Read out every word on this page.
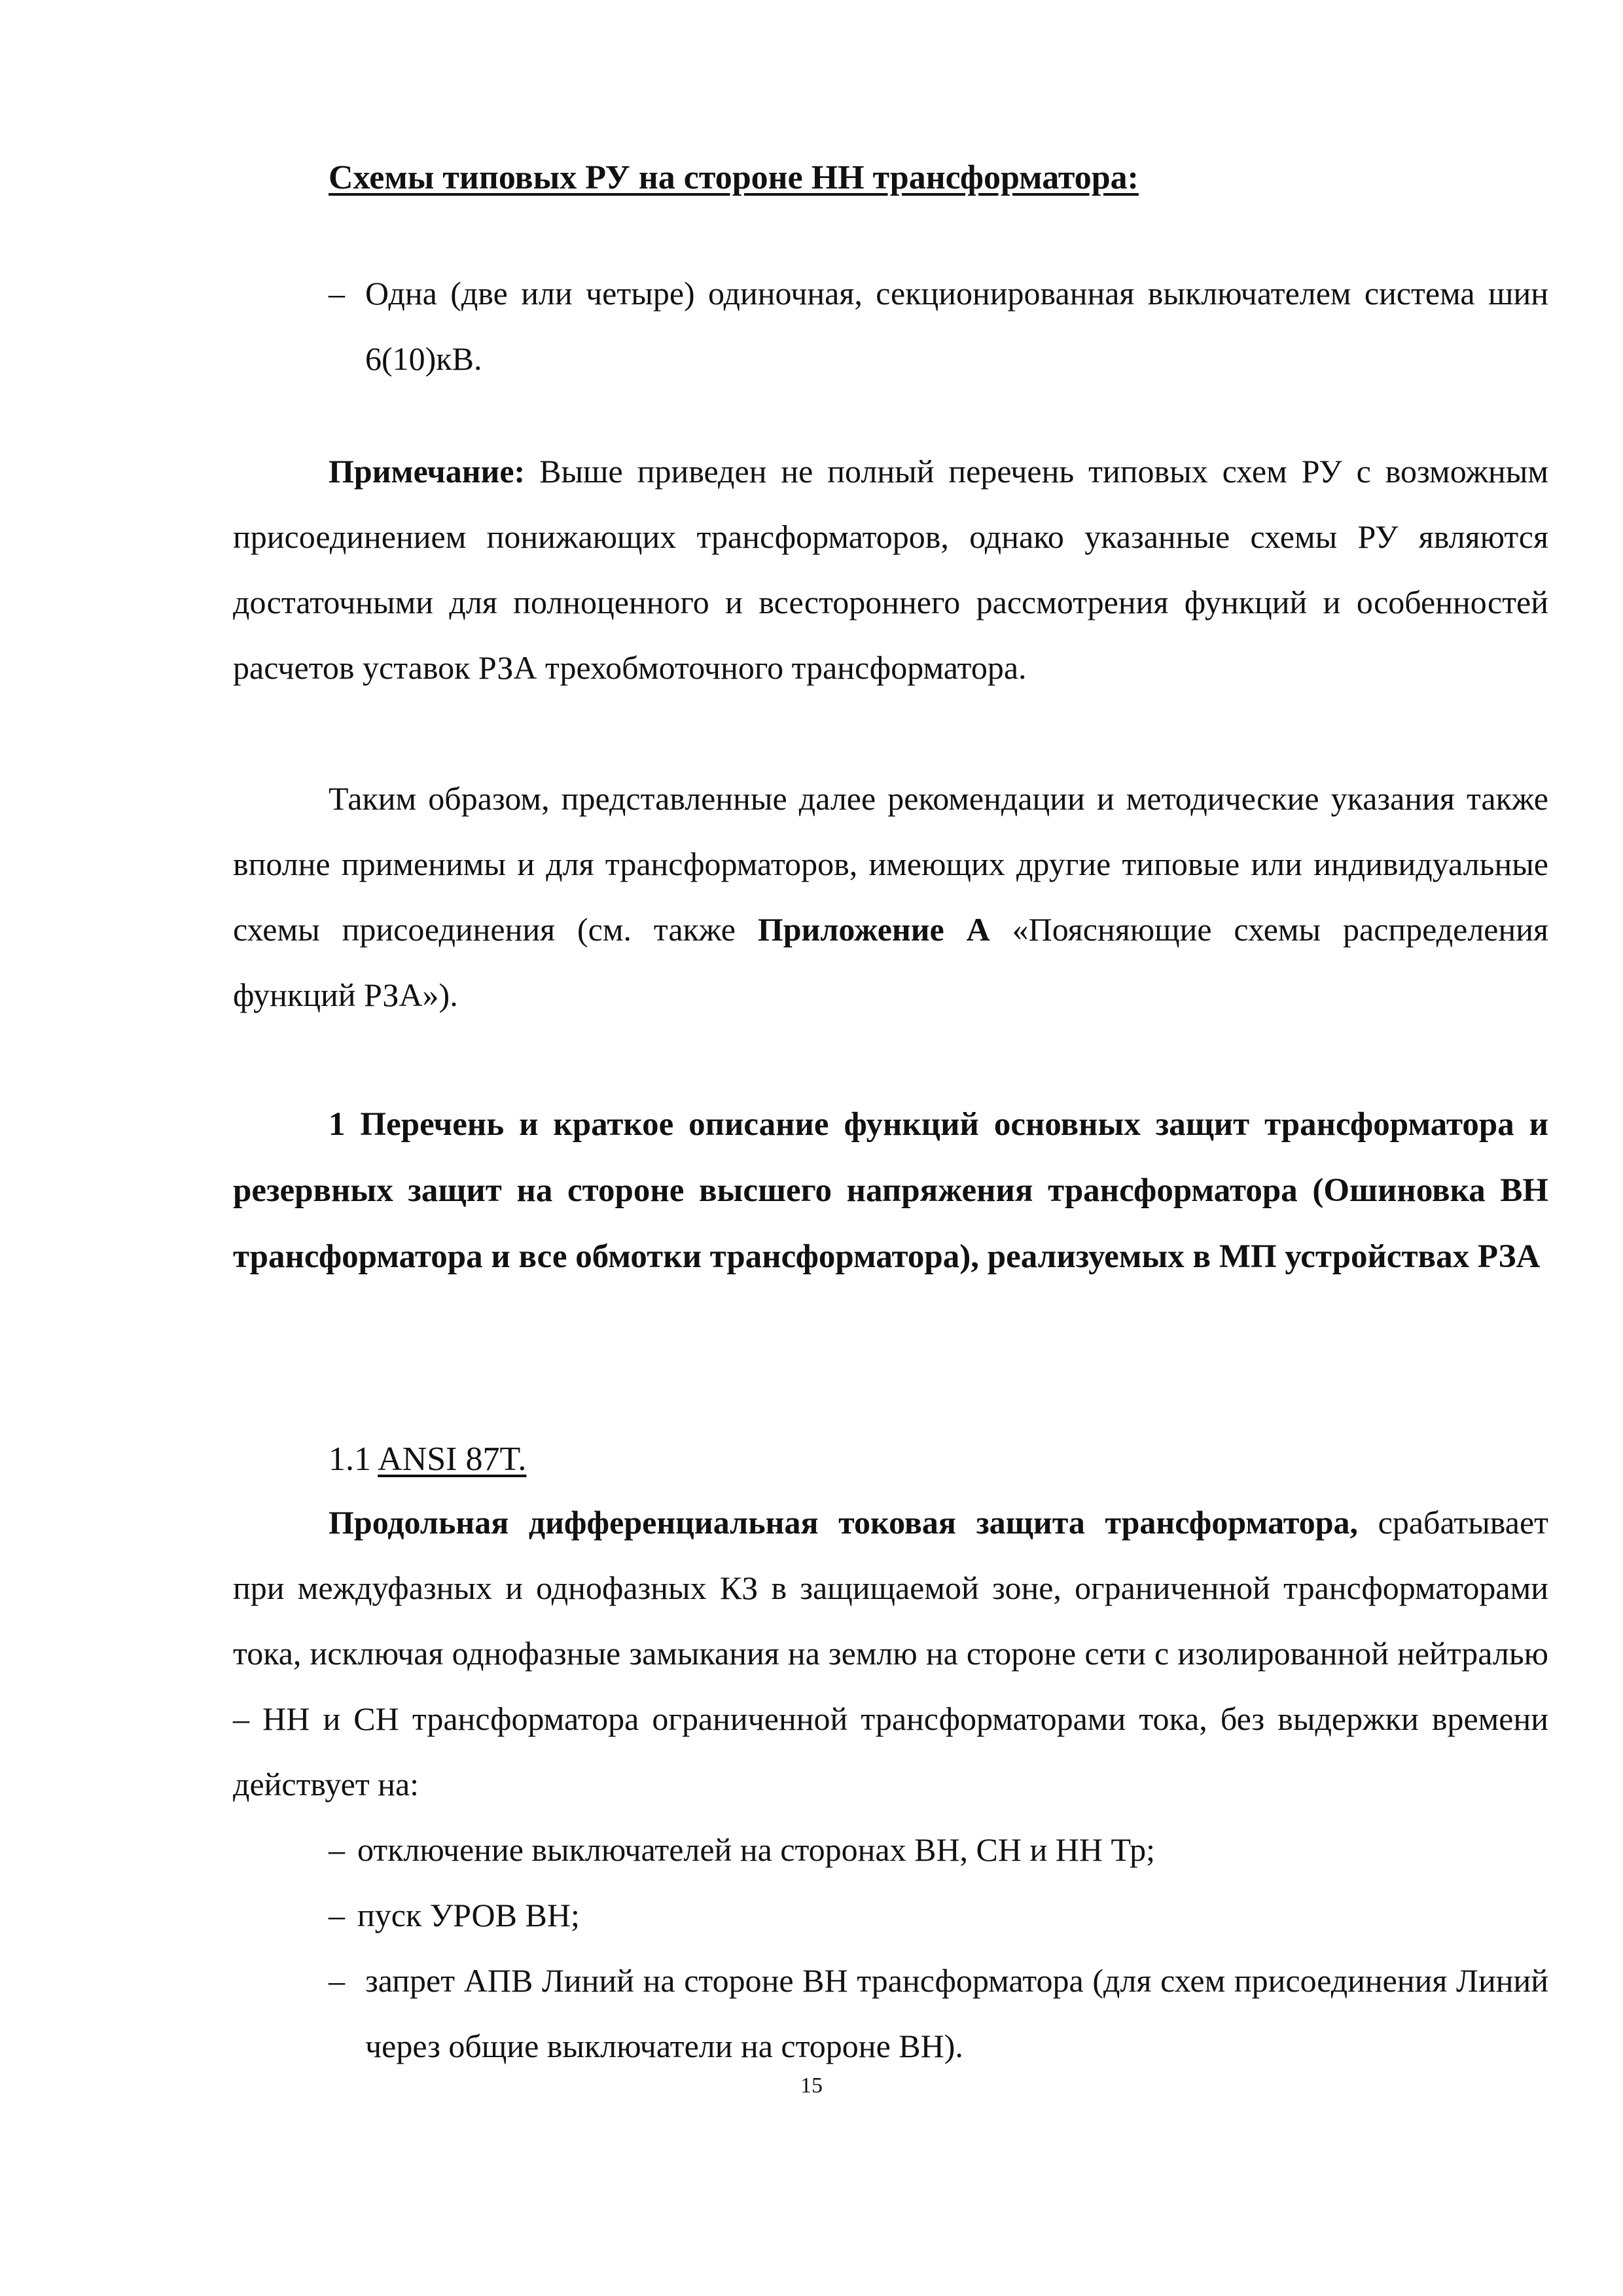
Схемы типовых РУ на стороне НН трансформатора:

– Одна (две или четыре) одиночная, секционированная выключателем система шин 6(10)кВ.

Примечание: Выше приведен не полный перечень типовых схем РУ с возможным присоединением понижающих трансформаторов, однако указанные схемы РУ являются достаточными для полноценного и всестороннего рассмотрения функций и особенностей расчетов уставок РЗА трехобмоточного трансформатора.

Таким образом, представленные далее рекомендации и методические указания также вполне применимы и для трансформаторов, имеющих другие типовые или индивидуальные схемы присоединения (см. также Приложение А «Поясняющие схемы распределения функций РЗА»).

1 Перечень и краткое описание функций основных защит трансформатора и резервных защит на стороне высшего напряжения трансформатора (Ошиновка ВН трансформатора и все обмотки трансформатора), реализуемых в МП устройствах РЗА

1.1 ANSI 87T.

Продольная дифференциальная токовая защита трансформатора, срабатывает при междуфазных и однофазных КЗ в защищаемой зоне, ограниченной трансформаторами тока, исключая однофазные замыкания на землю на стороне сети с изолированной нейтралью – НН и СН трансформатора ограниченной трансформаторами тока, без выдержки времени действует на:

– отключение выключателей на сторонах ВН, СН и НН Тр;
– пуск УРОВ ВН;
– запрет АПВ Линий на стороне ВН трансформатора (для схем присоединения Линий через общие выключатели на стороне ВН).

15
